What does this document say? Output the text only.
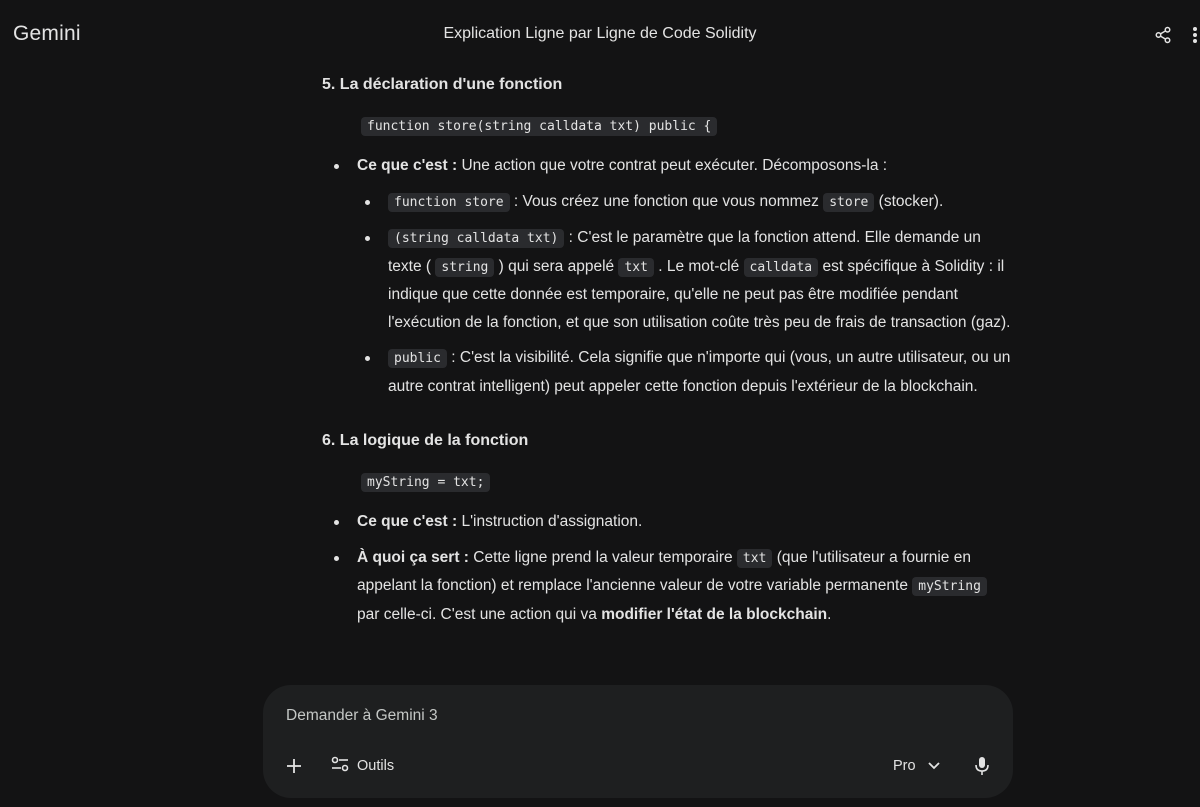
Gemini	Explication Ligne par Ligne de Code Solidity
5. La déclaration d'une fonction
function store(string calldata txt) public {
Ce que c'est : Une action que votre contrat peut exécuter. Décomposons-la :
function store : Vous créez une fonction que vous nommez store (stocker).
(string calldata txt) : C'est le paramètre que la fonction attend. Elle demande un texte ( string ) qui sera appelé txt . Le mot-clé calldata est spécifique à Solidity : il indique que cette donnée est temporaire, qu'elle ne peut pas être modifiée pendant l'exécution de la fonction, et que son utilisation coûte très peu de frais de transaction (gaz).
public : C'est la visibilité. Cela signifie que n'importe qui (vous, un autre utilisateur, ou un autre contrat intelligent) peut appeler cette fonction depuis l'extérieur de la blockchain.
6. La logique de la fonction
myString = txt;
Ce que c'est : L'instruction d'assignation.
À quoi ça sert : Cette ligne prend la valeur temporaire txt (que l'utilisateur a fournie en appelant la fonction) et remplace l'ancienne valeur de votre variable permanente myString par celle-ci. C'est une action qui va modifier l'état de la blockchain.
Demander à Gemini 3
Outils	Pro
